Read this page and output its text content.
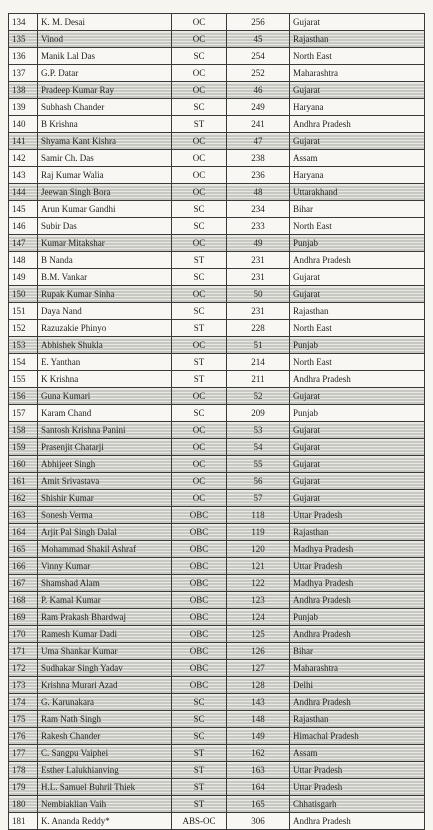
134	K. M. Desai	OC	256	Gujarat
135	Vinod	OC	45	Rajasthan
136	Manik Lal Das	SC	254	North East
137	G.P. Datar	OC	252	Maharashtra
138	Pradeep Kumar Ray	OC	46	Gujarat
139	Subhash Chander	SC	249	Haryana
140	B Krishna	ST	241	Andhra Pradesh
141	Shyama Kant Kishra	OC	47	Gujarat
142	Samir Ch. Das	OC	238	Assam
143	Raj Kumar Walia	OC	236	Haryana
144	Jeewan Singh Bora	OC	48	Uttarakhand
145	Arun Kumar Gandhi	SC	234	Bihar
146	Subir Das	SC	233	North East
147	Kumar Mitakshar	OC	49	Punjab
148	B Nanda	ST	231	Andhra Pradesh
149	B.M. Vankar	SC	231	Gujarat
150	Rupak Kumar Sinha	OC	50	Gujarat
151	Daya Nand	SC	231	Rajasthan
152	Razuzakie Phinyo	ST	228	North East
153	Abhishek Shukla	OC	51	Punjab
154	E. Yanthan	ST	214	North East
155	K Krishna	ST	211	Andhra Pradesh
156	Guna Kumari	OC	52	Gujarat
157	Karam Chand	SC	209	Punjab
158	Santosh Krishna Panini	OC	53	Gujarat
159	Prasenjit Chatarji	OC	54	Gujarat
160	Abhijeet Singh	OC	55	Gujarat
161	Amit Srivastava	OC	56	Gujarat
162	Shishir Kumar	OC	57	Gujarat
163	Sonesh Verma	OBC	118	Uttar Pradesh
164	Arjit Pal Singh Dalal	OBC	119	Rajasthan
165	Mohammad Shakil Ashraf	OBC	120	Madhya Pradesh
166	Vinny Kumar	OBC	121	Uttar Pradesh
167	Shamshad Alam	OBC	122	Madhya Pradesh
168	P. Kamal Kumar	OBC	123	Andhra Pradesh
169	Ram Prakash Bhardwaj	OBC	124	Punjab
170	Ramesh Kumar Dadi	OBC	125	Andhra Pradesh
171	Uma Shankar Kumar	OBC	126	Bihar
172	Sudhakar Singh Yadav	OBC	127	Maharashtra
173	Krishna Murari Azad	OBC	128	Delhi
174	G. Karunakara	SC	143	Andhra Pradesh
175	Ram Nath Singh	SC	148	Rajasthan
176	Rakesh Chander	SC	149	Himachal Pradesh
177	C. Sangpu Vaiphei	ST	162	Assam
178	Esther Lalukhianving	ST	163	Uttar Pradesh
179	H.L. Samuel Buhril Thiek	ST	164	Uttar Pradesh
180	Nembiaklian Vaih	ST	165	Chhatisgarh
181	K. Ananda Reddy*	ABS-OC	306	Andhra Pradesh
